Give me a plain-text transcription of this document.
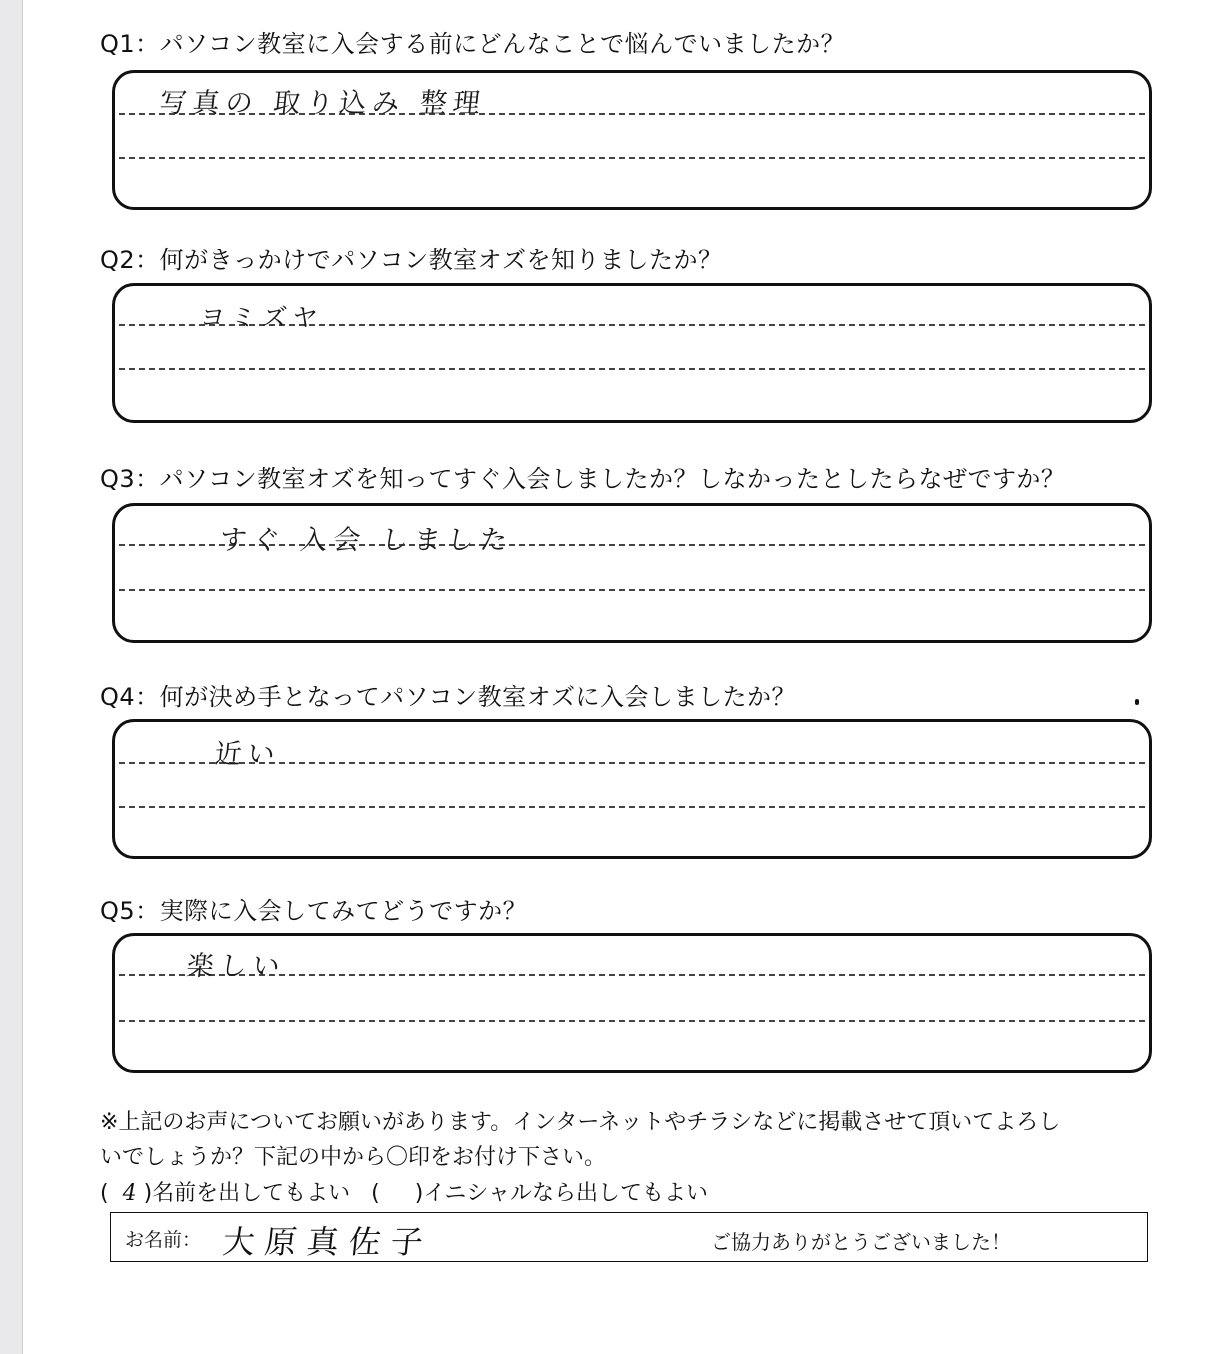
Q1：パソコン教室に入会する前にどんなことで悩んでいましたか？
写真の 取り込み 整理
Q2：何がきっかけでパソコン教室オズを知りましたか？
ヨミズヤ
Q3：パソコン教室オズを知ってすぐ入会しましたか？しなかったとしたらなぜですか？
すぐ 入会 しました
Q4：何が決め手となってパソコン教室オズに入会しましたか？
近い
Q5：実際に入会してみてどうですか？
楽しい
※上記のお声についてお願いがあります。インターネットやチラシなどに掲載させて頂いてよろし
いでしょうか？下記の中から〇印をお付け下さい。
(  4 )名前を出してもよい   (     )イニシャルなら出してもよい
お名前： 大原真佐子	ご協力ありがとうございました！
